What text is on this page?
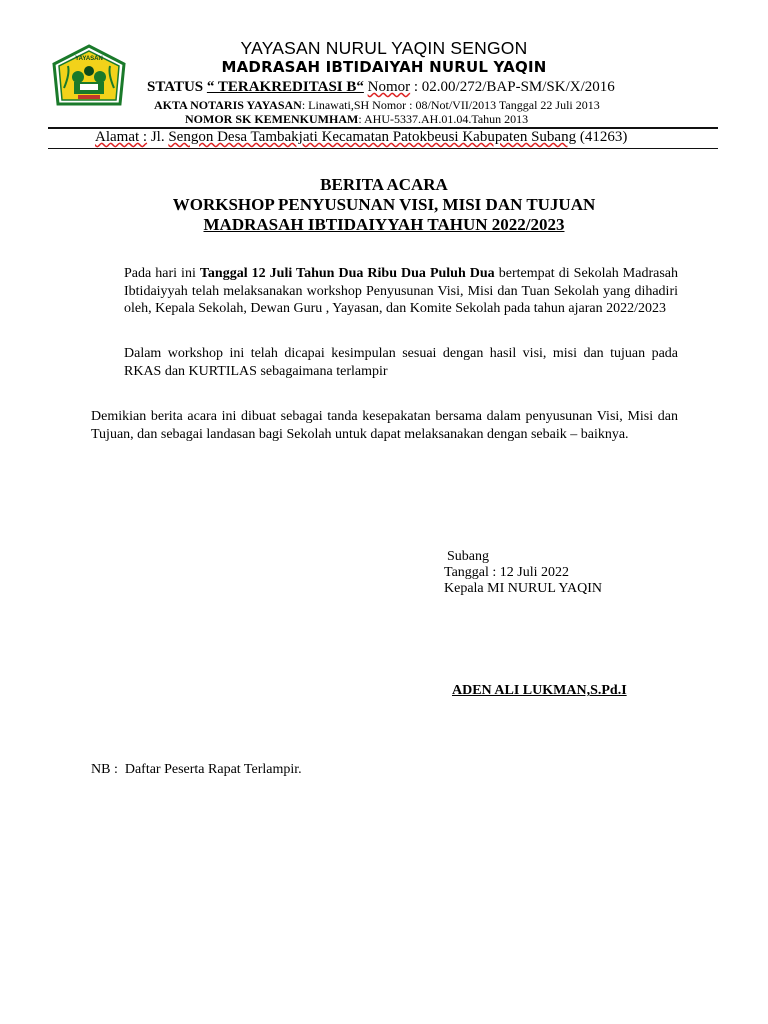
YAYASAN
YAYASAN NURUL YAQIN SENGON
MADRASAH IBTIDAIYAH NURUL YAQIN
STATUS “ TERAKREDITASI B“ Nomor : 02.00/272/BAP-SM/SK/X/2016
AKTA NOTARIS YAYASAN: Linawati,SH Nomor : 08/Not/VII/2013 Tanggal 22 Juli 2013
NOMOR SK KEMENKUMHAM: AHU-5337.AH.01.04.Tahun 2013
Alamat : Jl. Sengon Desa Tambakjati Kecamatan Patokbeusi Kabupaten Subang (41263)
BERITA ACARA
WORKSHOP PENYUSUNAN VISI, MISI DAN TUJUAN
MADRASAH IBTIDAIYYAH TAHUN 2022/2023
Pada hari ini Tanggal 12 Juli Tahun Dua Ribu Dua Puluh Dua bertempat di Sekolah Madrasah Ibtidaiyyah telah melaksanakan workshop Penyusunan Visi, Misi dan Tuan Sekolah yang dihadiri oleh, Kepala Sekolah, Dewan Guru , Yayasan, dan Komite Sekolah pada tahun ajaran 2022/2023
Dalam workshop ini telah dicapai kesimpulan sesuai dengan hasil visi, misi dan tujuan pada RKAS dan KURTILAS sebagaimana terlampir
Demikian berita acara ini dibuat sebagai tanda kesepakatan bersama dalam penyusunan Visi, Misi dan Tujuan, dan sebagai landasan bagi Sekolah untuk dapat melaksanakan dengan sebaik – baiknya.
Subang
Tanggal : 12 Juli 2022
Kepala MI NURUL YAQIN
ADEN ALI LUKMAN,S.Pd.I
NB :  Daftar Peserta Rapat Terlampir.
